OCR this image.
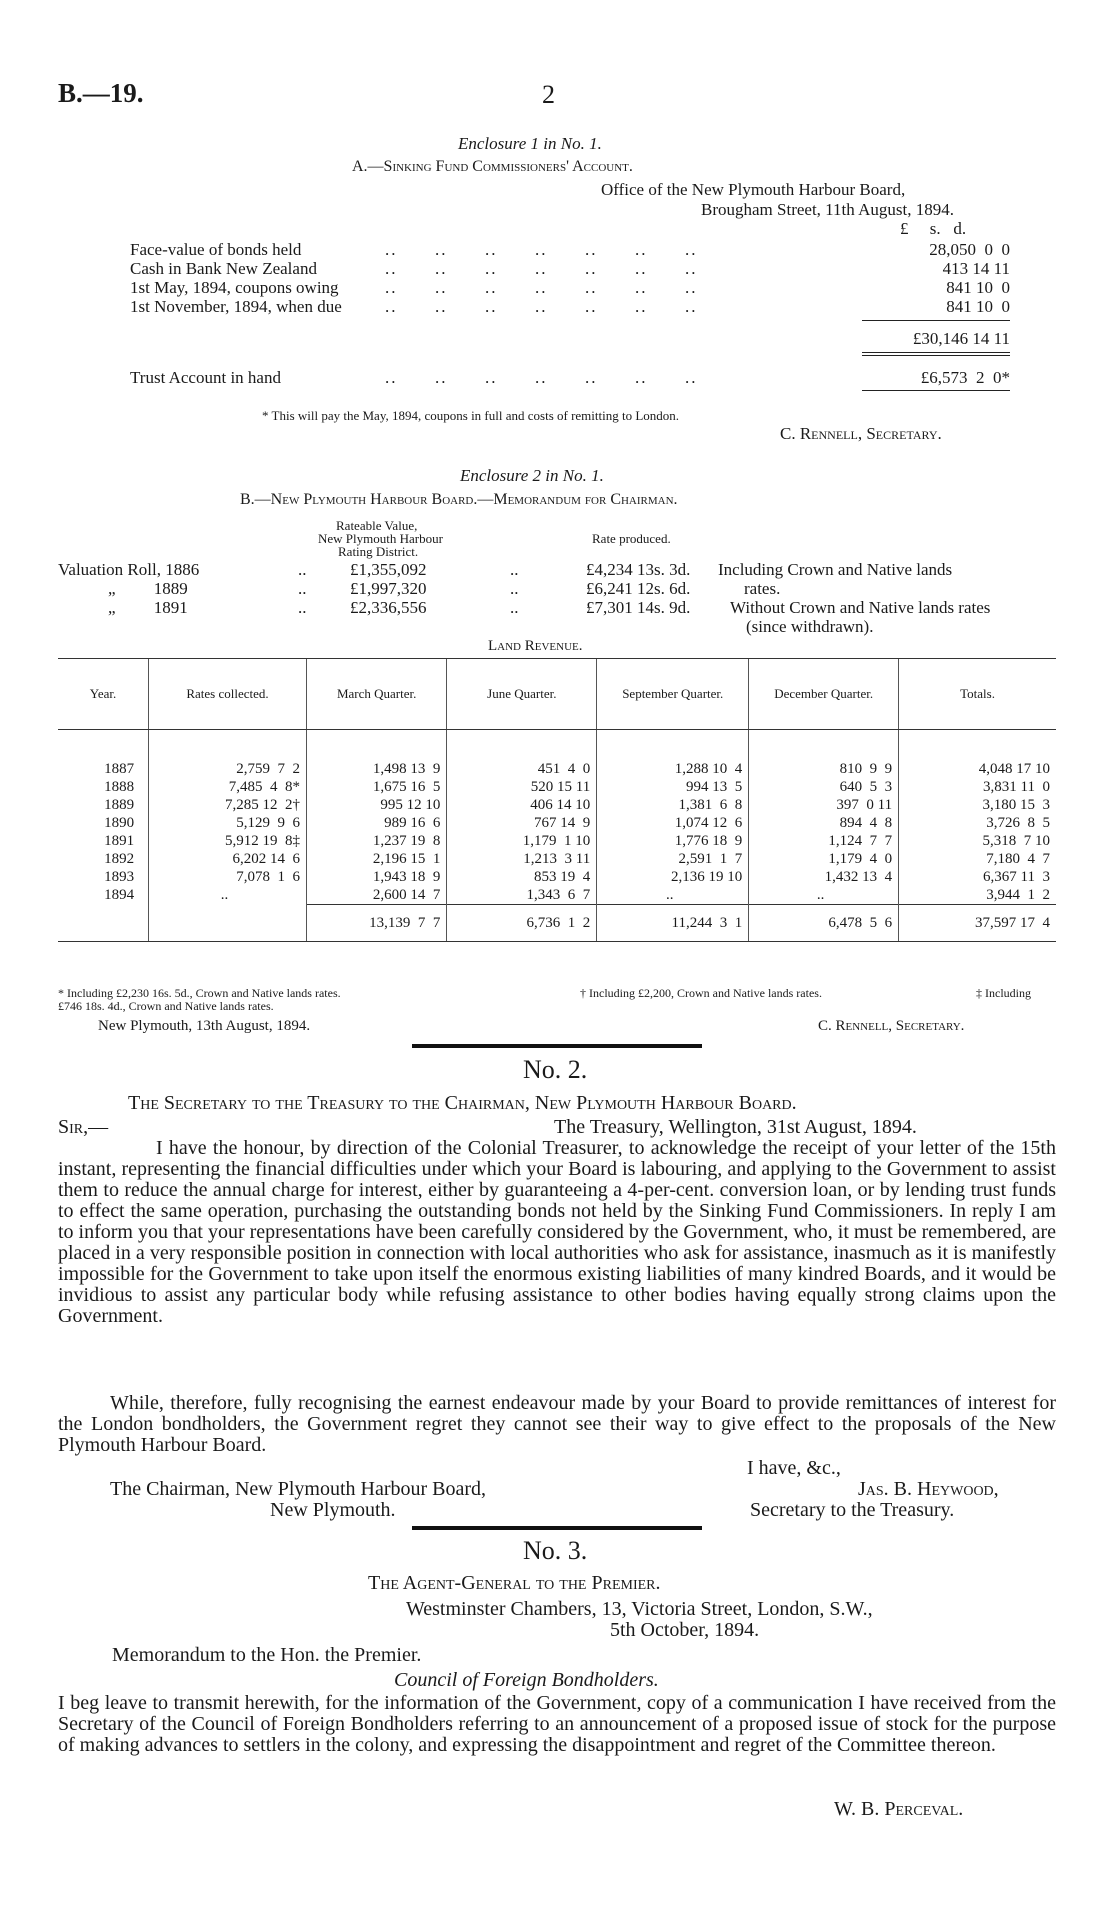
B.—19.	2
Enclosure 1 in No. 1.
A.—Sinking Fund Commissioners' Account.
Office of the New Plymouth Harbour Board,
Brougham Street, 11th August, 1894.
£     s.   d.
Face-value of bonds held	..      ..      ..      ..      ..      ..      ..	28,050  0  0
Cash in Bank New Zealand	..      ..      ..      ..      ..      ..      ..	413 14 11
1st May, 1894, coupons owing	..      ..      ..      ..      ..      ..      ..	841 10  0
1st November, 1894, when due	..      ..      ..      ..      ..      ..      ..	841 10  0
£30,146 14 11
Trust Account in hand	..      ..      ..      ..      ..      ..      ..	£6,573  2  0*
* This will pay the May, 1894, coupons in full and costs of remitting to London.
C. Rennell, Secretary.
Enclosure 2 in No. 1.
B.—New Plymouth Harbour Board.—Memorandum for Chairman.
Rateable Value,
New Plymouth Harbour
Rating District.
Rate produced.
Valuation Roll, 1886	..	£1,355,092	..	£4,234 13s. 3d. Including Crown and Native lands
„         1889	..	£1,997,320	..	£6,241 12s. 6d.	rates.
„         1891	..	£2,336,556	..	£7,301 14s. 9d. Without Crown and Native lands rates
(since withdrawn).
Land Revenue.
Year.	Rates collected.	March Quarter.	June Quarter.	September Quarter.	December Quarter.	Totals.

1887	2,759  7  2	1,498 13  9	451  4  0	1,288 10  4	810  9  9	4,048 17 10
1888	7,485  4  8*	1,675 16  5	520 15 11	994 13  5	640  5  3	3,831 11  0
1889	7,285 12  2†	995 12 10	406 14 10	1,381  6  8	397  0 11	3,180 15  3
1890	5,129  9  6	989 16  6	767 14  9	1,074 12  6	894  4  8	3,726  8  5
1891	5,912 19  8‡	1,237 19  8	1,179  1 10	1,776 18  9	1,124  7  7	5,318  7 10
1892	6,202 14  6	2,196 15  1	1,213  3 11	2,591  1  7	1,179  4  0	7,180  4  7
1893	7,078  1  6	1,943 18  9	853 19  4	2,136 19 10	1,432 13  4	6,367 11  3
1894	..	2,600 14  7	1,343  6  7	..	..	3,944  1  2
		13,139  7  7	6,736  1  2	11,244  3  1	6,478  5  6	37,597 17  4
* Including £2,230 16s. 5d., Crown and Native lands rates.	† Including £2,200, Crown and Native lands rates.	‡ Including
£746 18s. 4d., Crown and Native lands rates.
New Plymouth, 13th August, 1894.	C. Rennell, Secretary.
No. 2.
The Secretary to the Treasury to the Chairman, New Plymouth Harbour Board.
Sir,—	The Treasury, Wellington, 31st August, 1894.

I have the honour, by direction of the Colonial Treasurer, to acknowledge the receipt of your letter of the 15th instant, representing the financial difficulties under which your Board is labouring, and applying to the Government to assist them to reduce the annual charge for interest, either by guaranteeing a 4-per-cent. conversion loan, or by lending trust funds to effect the same operation, purchasing the outstanding bonds not held by the Sinking Fund Commissioners. In reply I am to inform you that your representations have been carefully considered by the Government, who, it must be remembered, are placed in a very responsible position in connection with local authorities who ask for assistance, inasmuch as it is manifestly impossible for the Government to take upon itself the enormous existing liabilities of many kindred Boards, and it would be invidious to assist any particular body while refusing assistance to other bodies having equally strong claims upon the Government.

While, therefore, fully recognising the earnest endeavour made by your Board to provide remittances of interest for the London bondholders, the Government regret they cannot see their way to give effect to the proposals of the New Plymouth Harbour Board.

I have, &c.,
The Chairman, New Plymouth Harbour Board,
New Plymouth.
Jas. B. Heywood,
Secretary to the Treasury.
No. 3.
The Agent-General to the Premier.
Westminster Chambers, 13, Victoria Street, London, S.W.,
5th October, 1894.
Memorandum to the Hon. the Premier.
Council of Foreign Bondholders.

I beg leave to transmit herewith, for the information of the Government, copy of a communication I have received from the Secretary of the Council of Foreign Bondholders referring to an announcement of a proposed issue of stock for the purpose of making advances to settlers in the colony, and expressing the disappointment and regret of the Committee thereon.

W. B. Perceval.
